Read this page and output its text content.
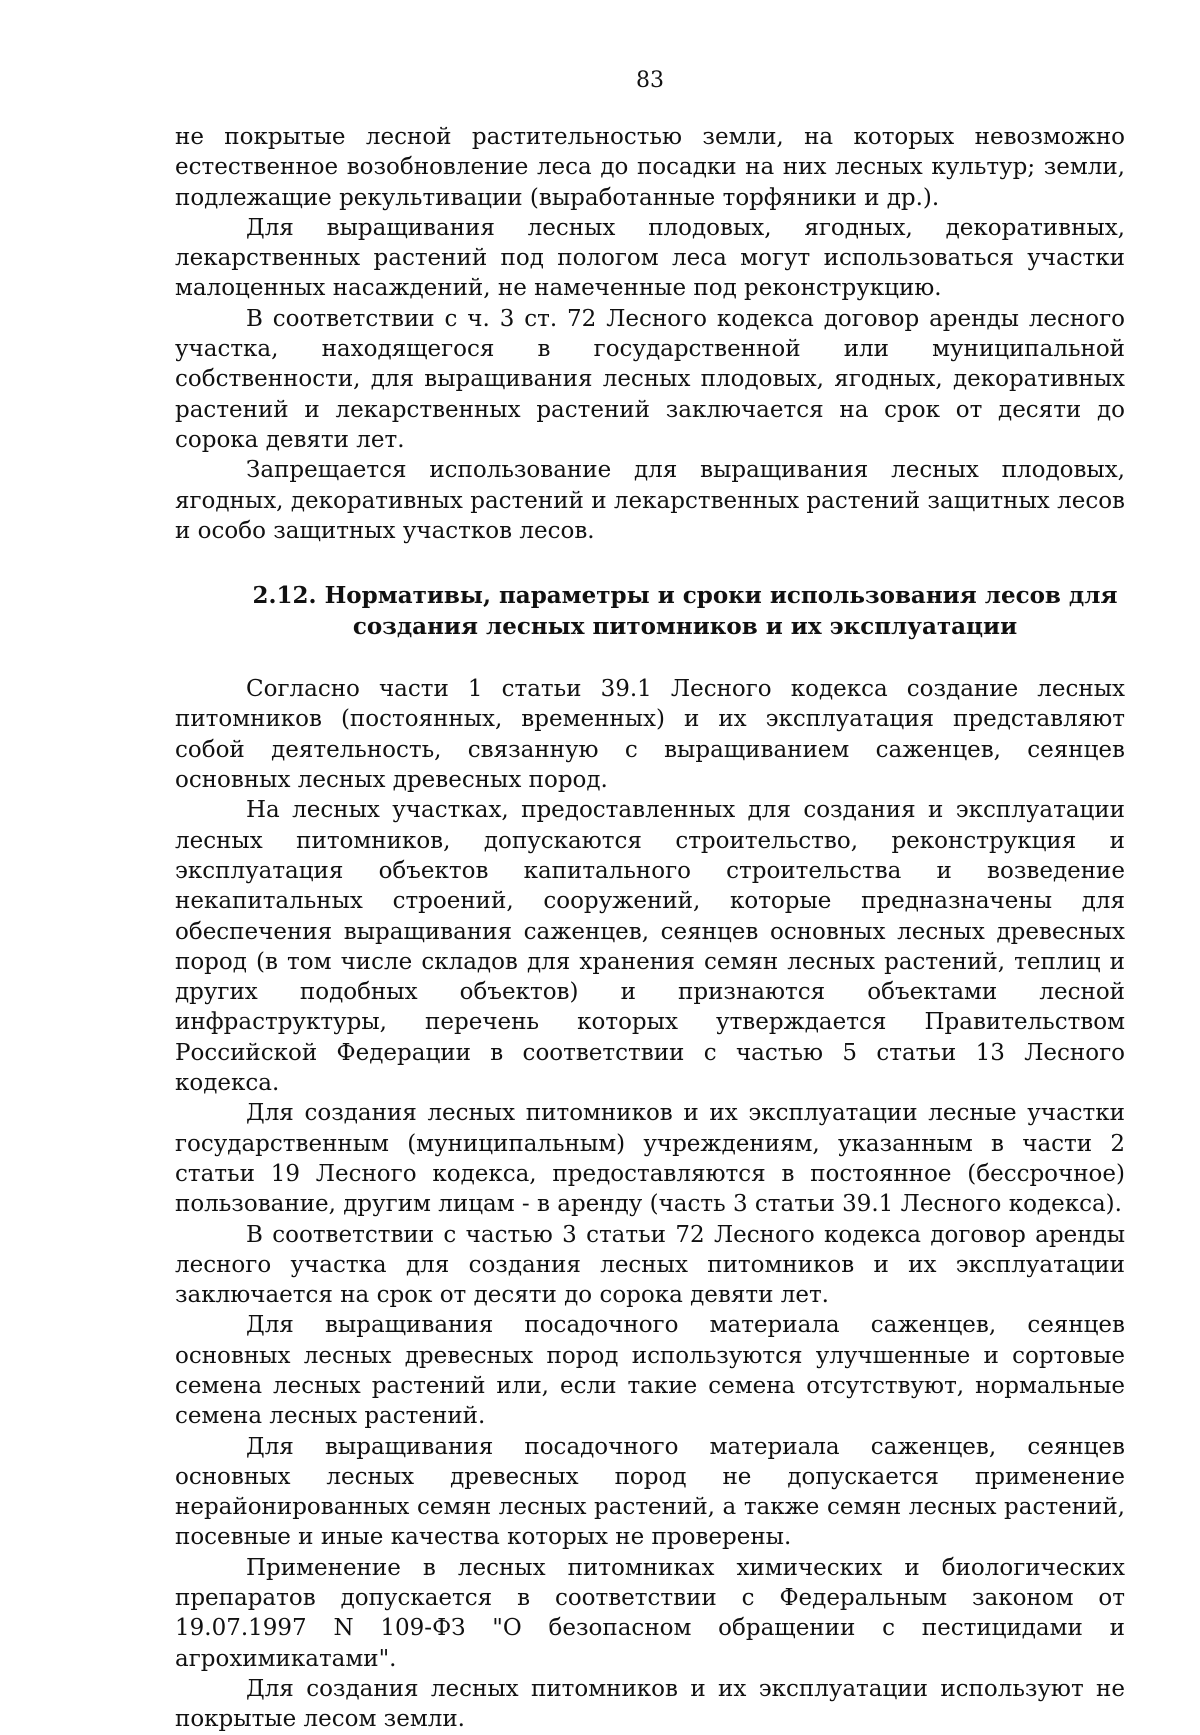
83

не покрытые лесной растительностью земли, на которых невозможно естественное возобновление леса до посадки на них лесных культур; земли, подлежащие рекультивации (выработанные торфяники и др.).

Для выращивания лесных плодовых, ягодных, декоративных, лекарственных растений под пологом леса могут использоваться участки малоценных насаждений, не намеченные под реконструкцию.

В соответствии с ч. 3 ст. 72 Лесного кодекса договор аренды лесного участка, находящегося в государственной или муниципальной собственности, для выращивания лесных плодовых, ягодных, декоративных растений и лекарственных растений заключается на срок от десяти до сорока девяти лет.

Запрещается использование для выращивания лесных плодовых, ягодных, декоративных растений и лекарственных растений защитных лесов и особо защитных участков лесов.

2.12. Нормативы, параметры и сроки использования лесов для создания лесных питомников и их эксплуатации

Согласно части 1 статьи 39.1 Лесного кодекса создание лесных питомников (постоянных, временных) и их эксплуатация представляют собой деятельность, связанную с выращиванием саженцев, сеянцев основных лесных древесных пород.

На лесных участках, предоставленных для создания и эксплуатации лесных питомников, допускаются строительство, реконструкция и эксплуатация объектов капитального строительства и возведение некапитальных строений, сооружений, которые предназначены для обеспечения выращивания саженцев, сеянцев основных лесных древесных пород (в том числе складов для хранения семян лесных растений, теплиц и других подобных объектов) и признаются объектами лесной инфраструктуры, перечень которых утверждается Правительством Российской Федерации в соответствии с частью 5 статьи 13 Лесного кодекса.

Для создания лесных питомников и их эксплуатации лесные участки государственным (муниципальным) учреждениям, указанным в части 2 статьи 19 Лесного кодекса, предоставляются в постоянное (бессрочное) пользование, другим лицам - в аренду (часть 3 статьи 39.1 Лесного кодекса).

В соответствии с частью 3 статьи 72 Лесного кодекса договор аренды лесного участка для создания лесных питомников и их эксплуатации заключается на срок от десяти до сорока девяти лет.

Для выращивания посадочного материала саженцев, сеянцев основных лесных древесных пород используются улучшенные и сортовые семена лесных растений или, если такие семена отсутствуют, нормальные семена лесных растений.

Для выращивания посадочного материала саженцев, сеянцев основных лесных древесных пород не допускается применение нерайонированных семян лесных растений, а также семян лесных растений, посевные и иные качества которых не проверены.

Применение в лесных питомниках химических и биологических препаратов допускается в соответствии с Федеральным законом от 19.07.1997 N 109-ФЗ "О безопасном обращении с пестицидами и агрохимикатами".

Для создания лесных питомников и их эксплуатации используют не покрытые лесом земли.
